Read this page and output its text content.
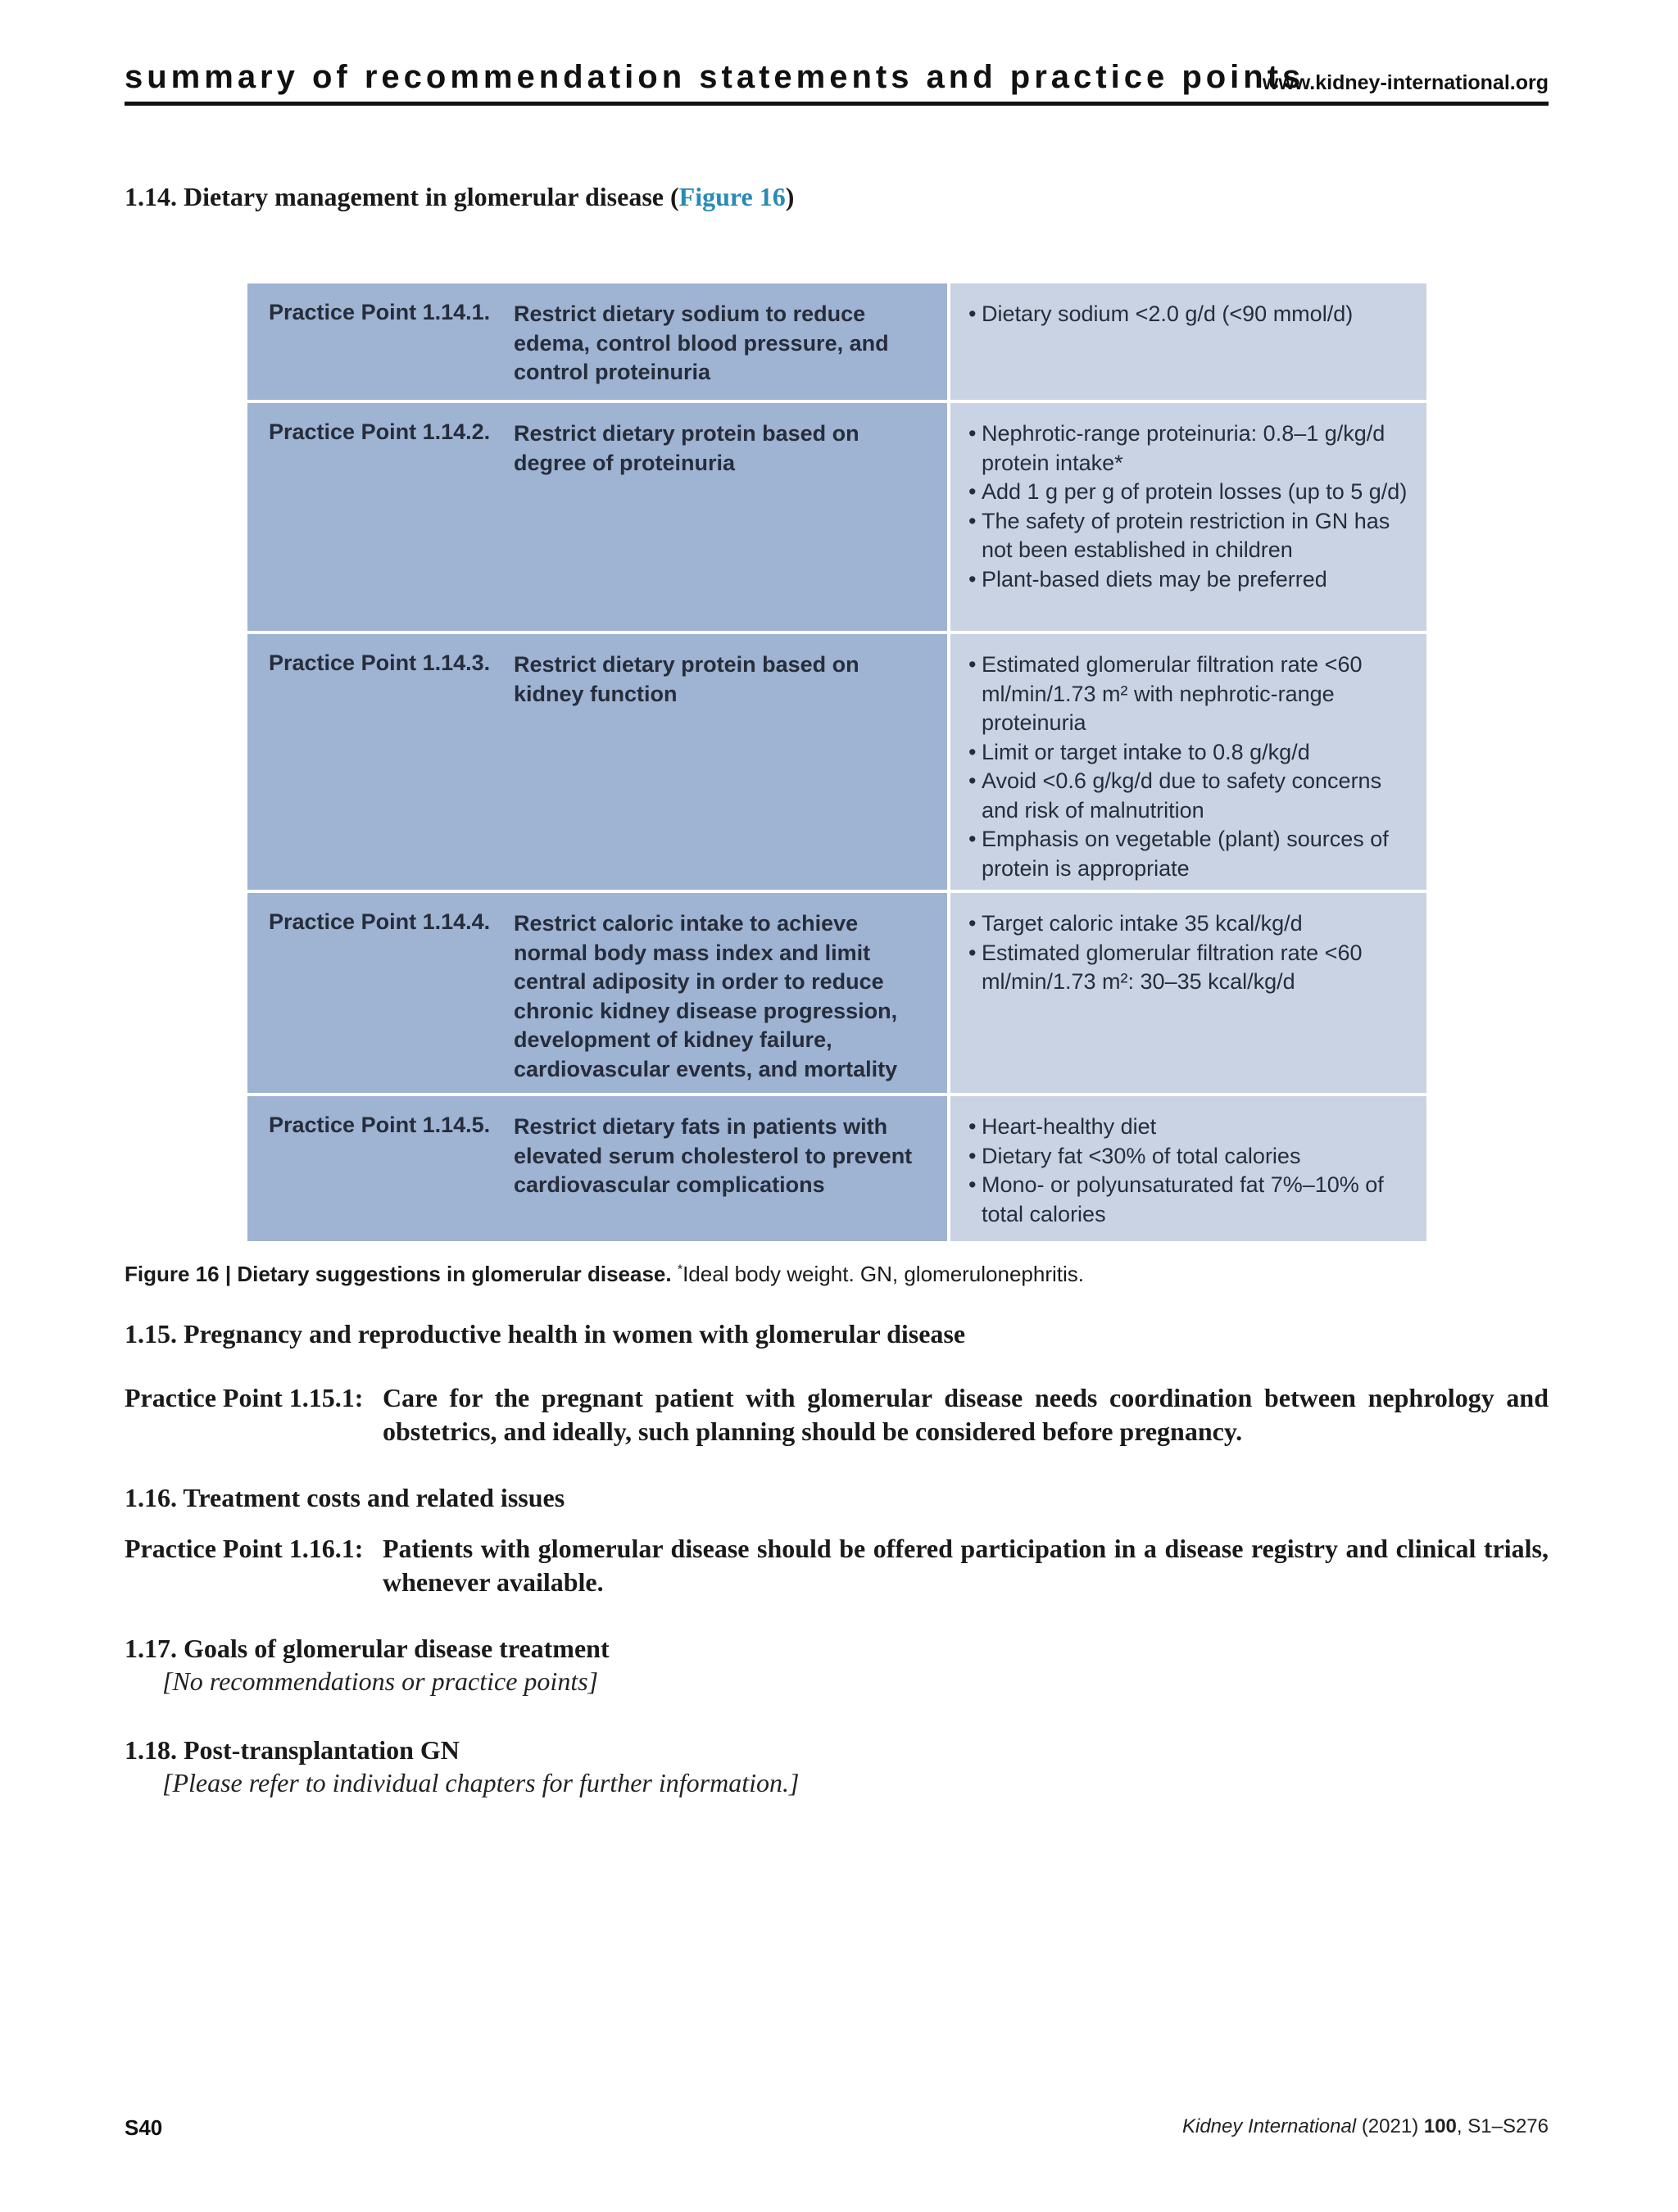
summary of recommendation statements and practice points
www.kidney-international.org
1.14. Dietary management in glomerular disease (Figure 16)
Practice Point 1.14.1. Restrict dietary sodium to reduce edema, control blood pressure, and control proteinuria
• Dietary sodium <2.0 g/d (<90 mmol/d)
Practice Point 1.14.2. Restrict dietary protein based on degree of proteinuria
• Nephrotic-range proteinuria: 0.8–1 g/kg/d protein intake*
• Add 1 g per g of protein losses (up to 5 g/d)
• The safety of protein restriction in GN has not been established in children
• Plant-based diets may be preferred
Practice Point 1.14.3. Restrict dietary protein based on kidney function
• Estimated glomerular filtration rate <60 ml/min/1.73 m² with nephrotic-range proteinuria
• Limit or target intake to 0.8 g/kg/d
• Avoid <0.6 g/kg/d due to safety concerns and risk of malnutrition
• Emphasis on vegetable (plant) sources of protein is appropriate
Practice Point 1.14.4. Restrict caloric intake to achieve normal body mass index and limit central adiposity in order to reduce chronic kidney disease progression, development of kidney failure, cardiovascular events, and mortality
• Target caloric intake 35 kcal/kg/d
• Estimated glomerular filtration rate <60 ml/min/1.73 m²: 30–35 kcal/kg/d
Practice Point 1.14.5. Restrict dietary fats in patients with elevated serum cholesterol to prevent cardiovascular complications
• Heart-healthy diet
• Dietary fat <30% of total calories
• Mono- or polyunsaturated fat 7%–10% of total calories
Figure 16 | Dietary suggestions in glomerular disease. *Ideal body weight. GN, glomerulonephritis.
1.15. Pregnancy and reproductive health in women with glomerular disease
Practice Point 1.15.1: Care for the pregnant patient with glomerular disease needs coordination between nephrology and obstetrics, and ideally, such planning should be considered before pregnancy.
1.16. Treatment costs and related issues
Practice Point 1.16.1: Patients with glomerular disease should be offered participation in a disease registry and clinical trials, whenever available.
1.17. Goals of glomerular disease treatment
[No recommendations or practice points]
1.18. Post-transplantation GN
[Please refer to individual chapters for further information.]
S40	Kidney International (2021) 100, S1–S276
